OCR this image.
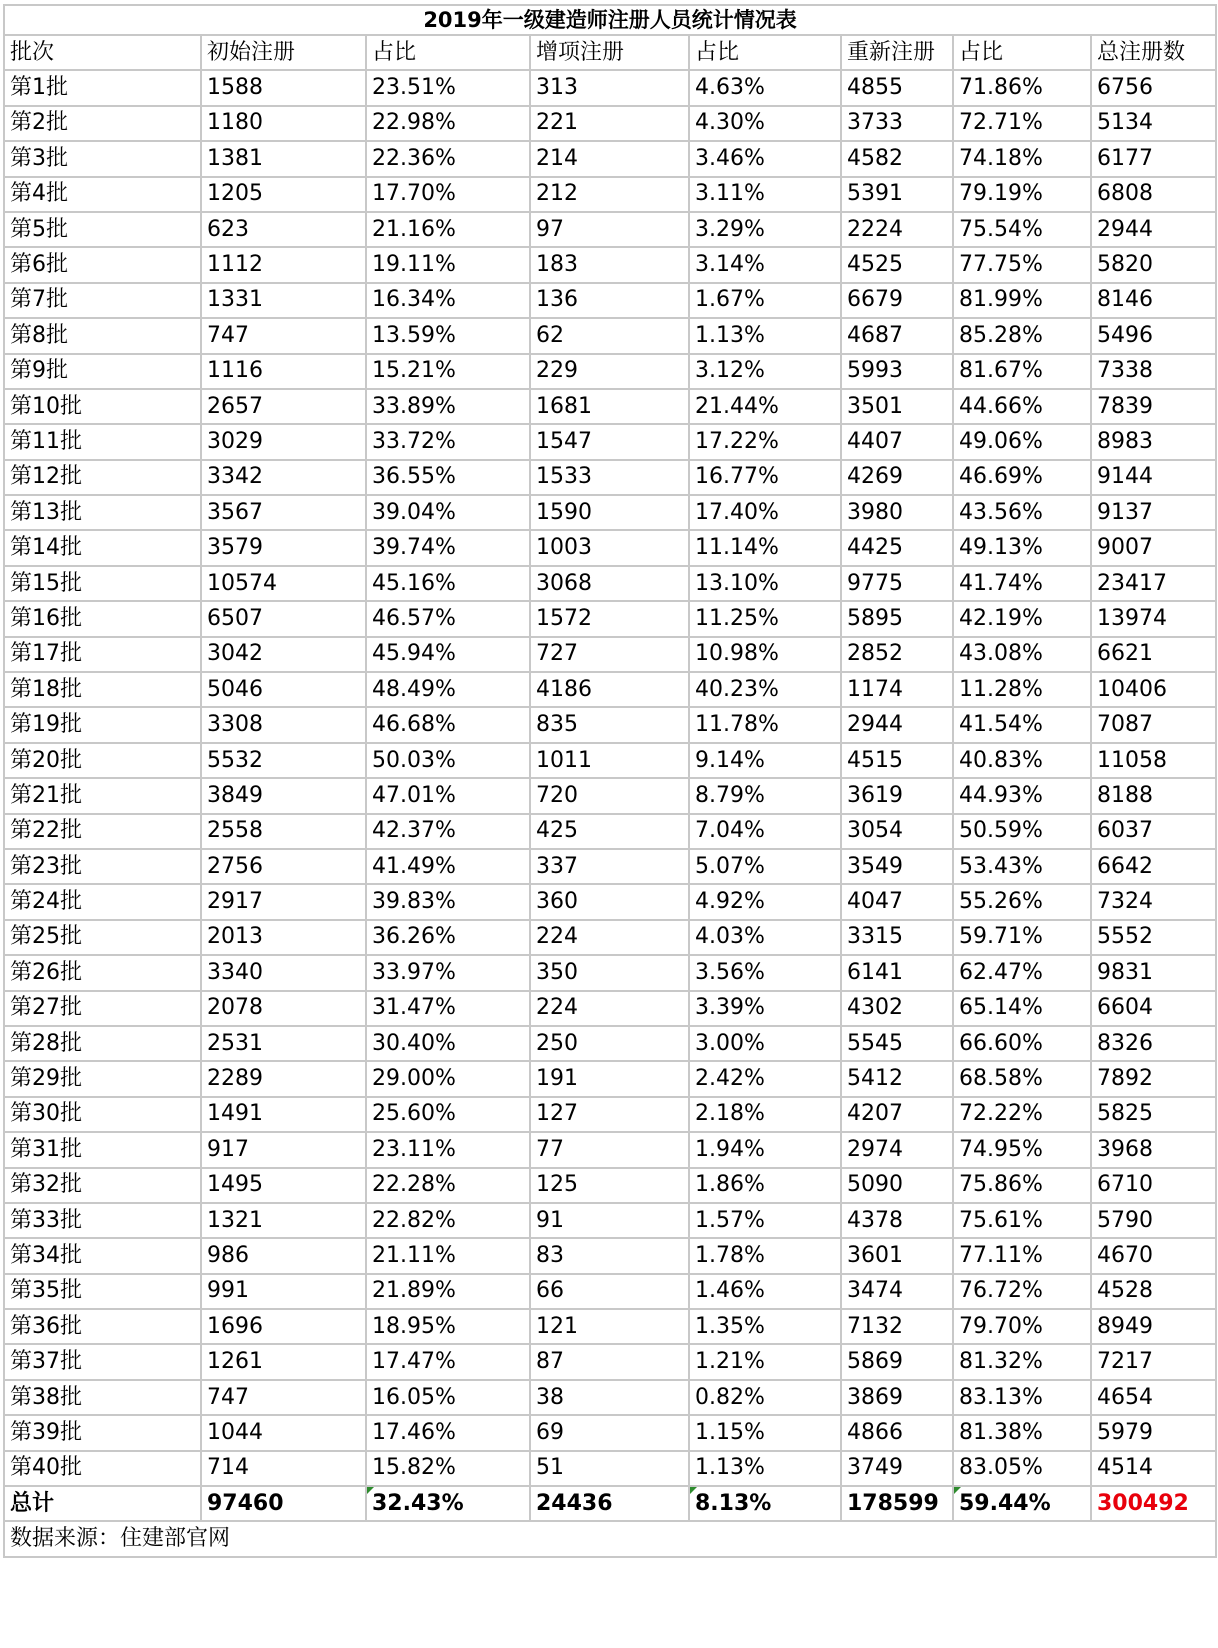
2019年一级建造师注册人员统计情况表							
批次	初始注册	占比	增项注册	占比	重新注册	占比	总注册数
第1批	1588	23.51%	313	4.63%	4855	71.86%	6756
第2批	1180	22.98%	221	4.30%	3733	72.71%	5134
第3批	1381	22.36%	214	3.46%	4582	74.18%	6177
第4批	1205	17.70%	212	3.11%	5391	79.19%	6808
第5批	623	21.16%	97	3.29%	2224	75.54%	2944
第6批	1112	19.11%	183	3.14%	4525	77.75%	5820
第7批	1331	16.34%	136	1.67%	6679	81.99%	8146
第8批	747	13.59%	62	1.13%	4687	85.28%	5496
第9批	1116	15.21%	229	3.12%	5993	81.67%	7338
第10批	2657	33.89%	1681	21.44%	3501	44.66%	7839
第11批	3029	33.72%	1547	17.22%	4407	49.06%	8983
第12批	3342	36.55%	1533	16.77%	4269	46.69%	9144
第13批	3567	39.04%	1590	17.40%	3980	43.56%	9137
第14批	3579	39.74%	1003	11.14%	4425	49.13%	9007
第15批	10574	45.16%	3068	13.10%	9775	41.74%	23417
第16批	6507	46.57%	1572	11.25%	5895	42.19%	13974
第17批	3042	45.94%	727	10.98%	2852	43.08%	6621
第18批	5046	48.49%	4186	40.23%	1174	11.28%	10406
第19批	3308	46.68%	835	11.78%	2944	41.54%	7087
第20批	5532	50.03%	1011	9.14%	4515	40.83%	11058
第21批	3849	47.01%	720	8.79%	3619	44.93%	8188
第22批	2558	42.37%	425	7.04%	3054	50.59%	6037
第23批	2756	41.49%	337	5.07%	3549	53.43%	6642
第24批	2917	39.83%	360	4.92%	4047	55.26%	7324
第25批	2013	36.26%	224	4.03%	3315	59.71%	5552
第26批	3340	33.97%	350	3.56%	6141	62.47%	9831
第27批	2078	31.47%	224	3.39%	4302	65.14%	6604
第28批	2531	30.40%	250	3.00%	5545	66.60%	8326
第29批	2289	29.00%	191	2.42%	5412	68.58%	7892
第30批	1491	25.60%	127	2.18%	4207	72.22%	5825
第31批	917	23.11%	77	1.94%	2974	74.95%	3968
第32批	1495	22.28%	125	1.86%	5090	75.86%	6710
第33批	1321	22.82%	91	1.57%	4378	75.61%	5790
第34批	986	21.11%	83	1.78%	3601	77.11%	4670
第35批	991	21.89%	66	1.46%	3474	76.72%	4528
第36批	1696	18.95%	121	1.35%	7132	79.70%	8949
第37批	1261	17.47%	87	1.21%	5869	81.32%	7217
第38批	747	16.05%	38	0.82%	3869	83.13%	4654
第39批	1044	17.46%	69	1.15%	4866	81.38%	5979
第40批	714	15.82%	51	1.13%	3749	83.05%	4514
总计	97460	32.43%	24436	8.13%	178599	59.44%	300492
数据来源：住建部官网							
